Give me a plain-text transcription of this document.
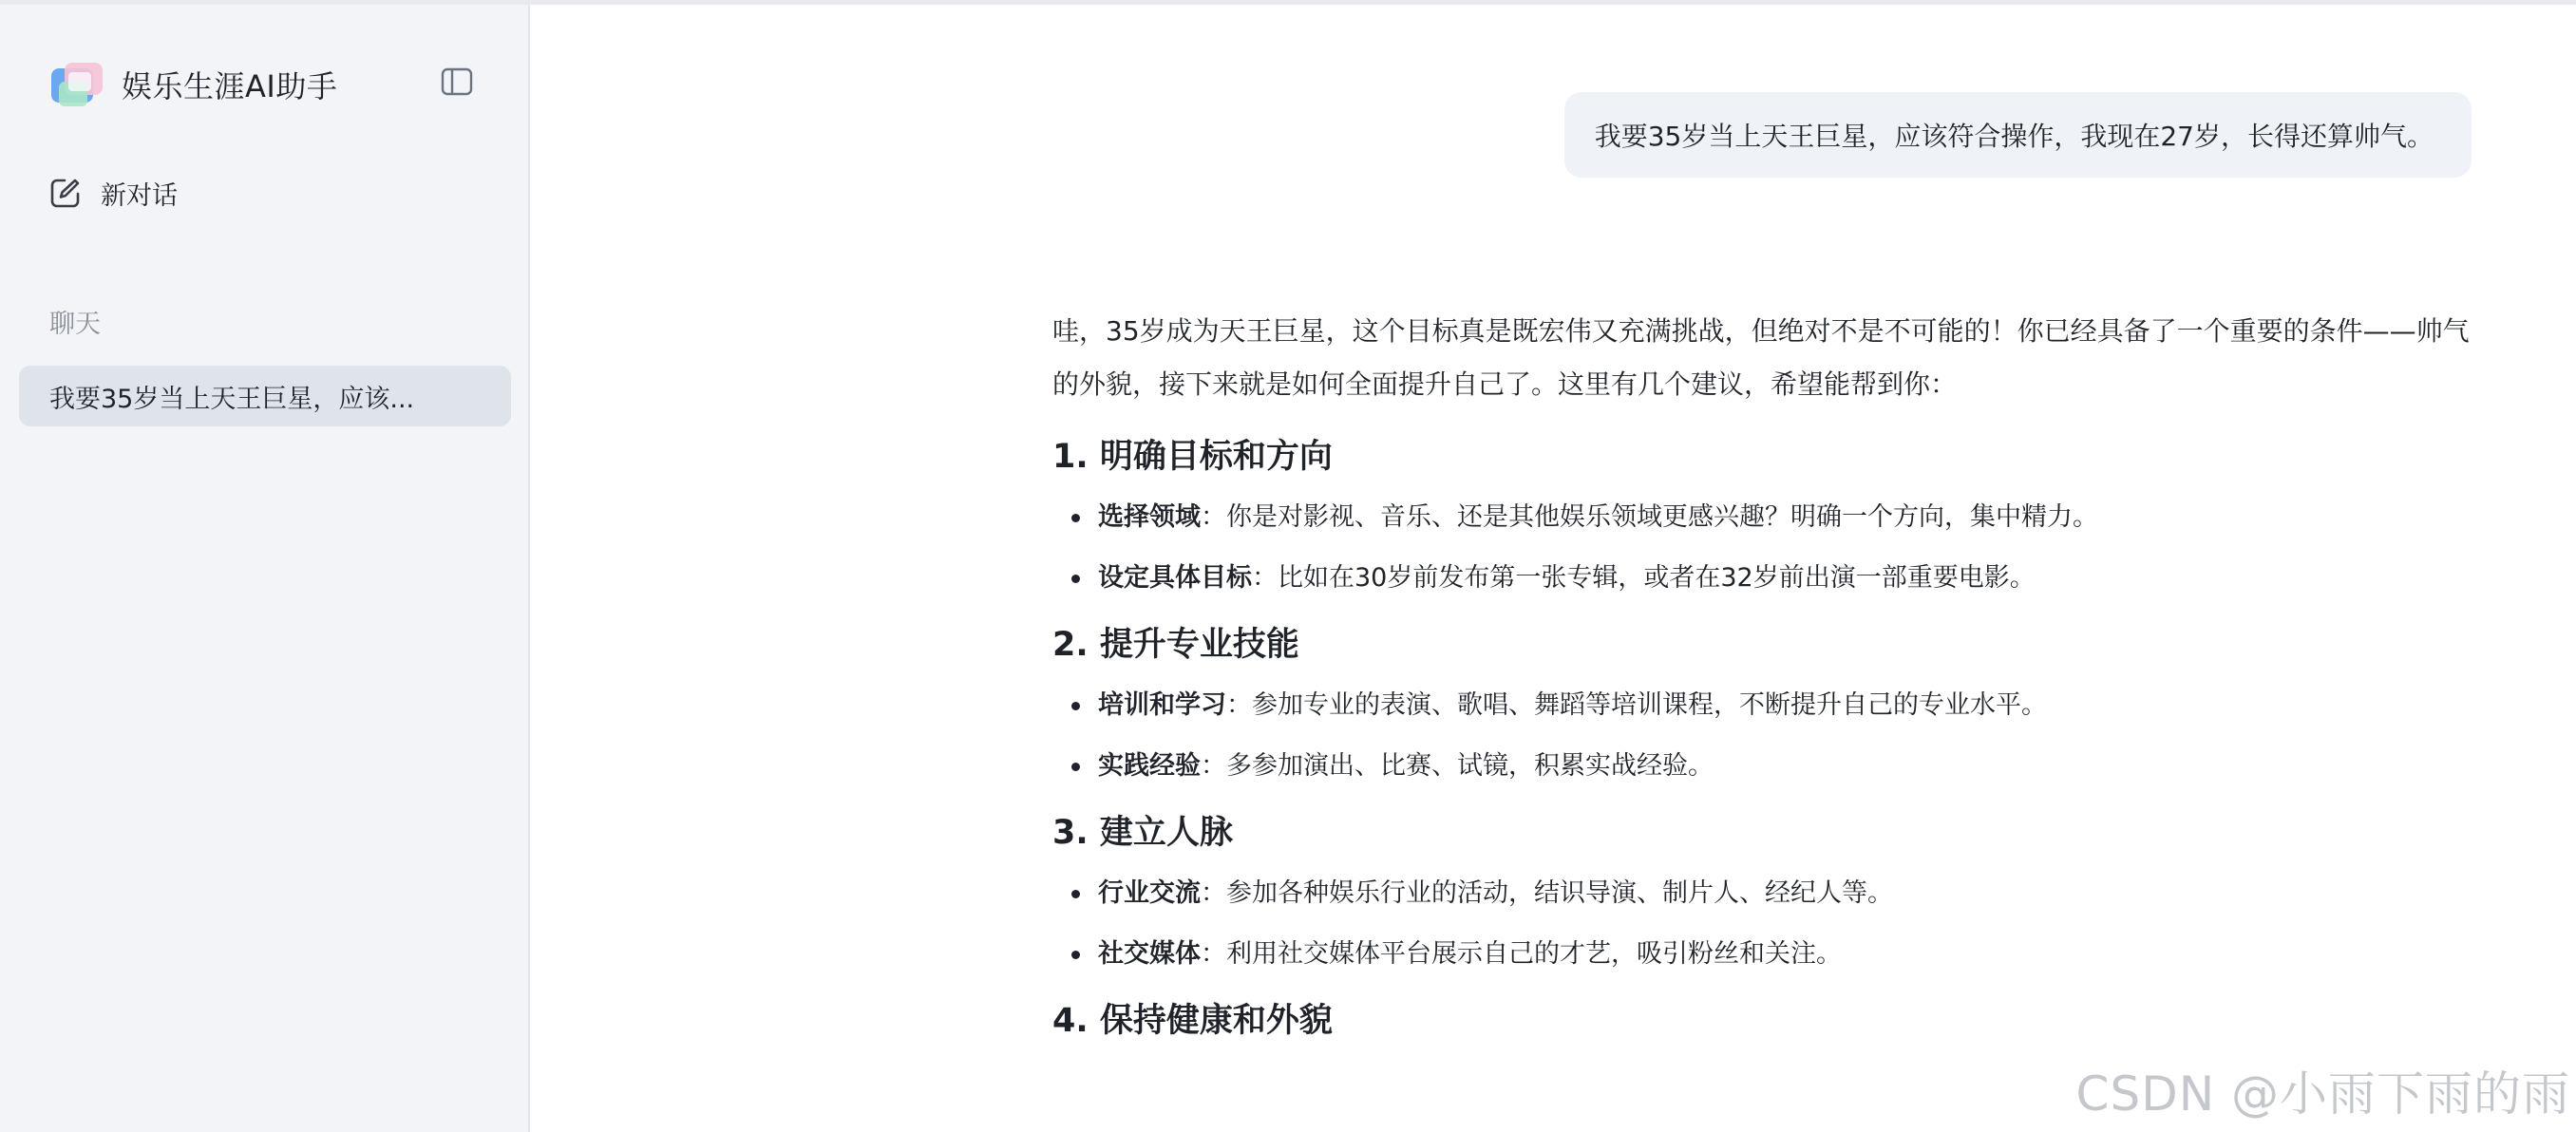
娱乐生涯AI助手
新对话
聊天
我要35岁当上天王巨星，应该...
我要35岁当上天王巨星，应该符合操作，我现在27岁，长得还算帅气。

哇，35岁成为天王巨星，这个目标真是既宏伟又充满挑战，但绝对不是不可能的！你已经具备了一个重要的条件——帅气
的外貌，接下来就是如何全面提升自己了。这里有几个建议，希望能帮到你：

1. 明确目标和方向
选择领域：你是对影视、音乐、还是其他娱乐领域更感兴趣？明确一个方向，集中精力。
设定具体目标：比如在30岁前发布第一张专辑，或者在32岁前出演一部重要电影。
2. 提升专业技能
培训和学习：参加专业的表演、歌唱、舞蹈等培训课程，不断提升自己的专业水平。
实践经验：多参加演出、比赛、试镜，积累实战经验。
3. 建立人脉
行业交流：参加各种娱乐行业的活动，结识导演、制片人、经纪人等。
社交媒体：利用社交媒体平台展示自己的才艺，吸引粉丝和关注。
4. 保持健康和外貌
CSDN @小雨下雨的雨
